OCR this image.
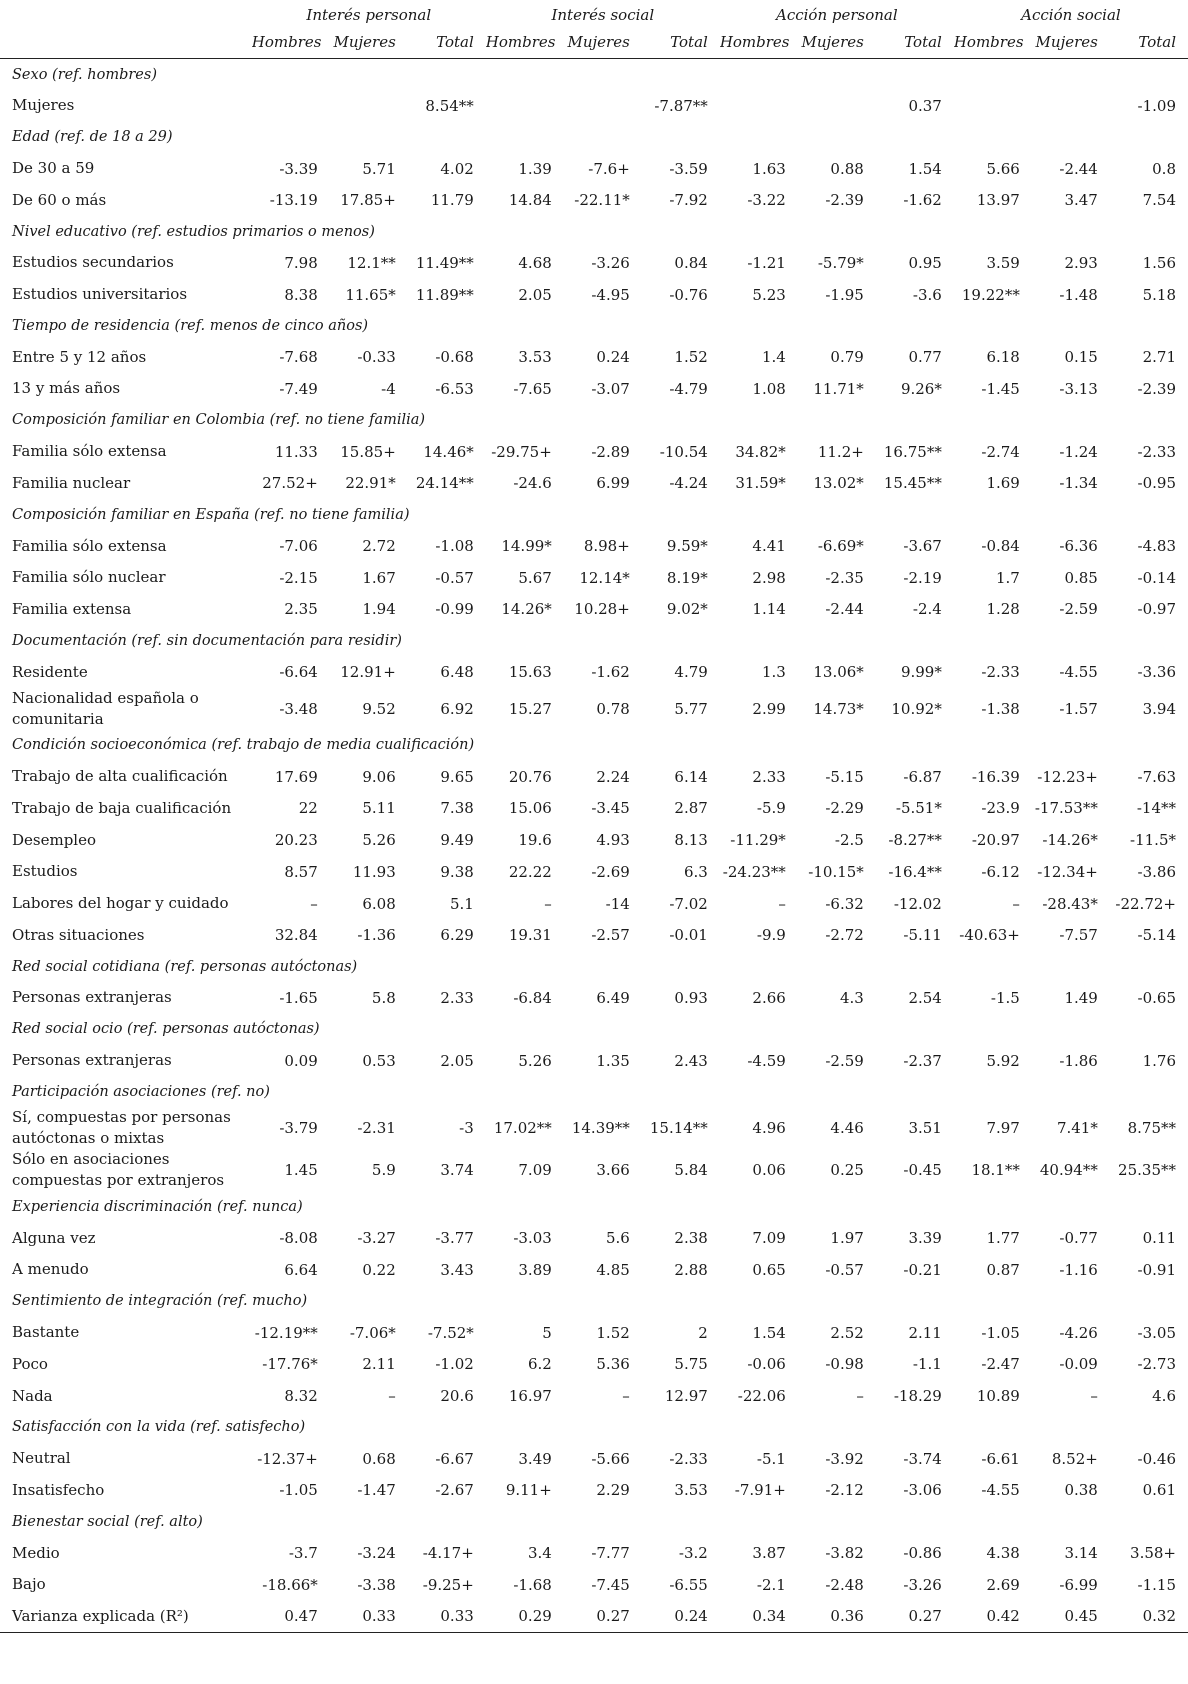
	Interés personal			Interés social			Acción personal			Acción social		
	Hombres	Mujeres	Total	Hombres	Mujeres	Total	Hombres	Mujeres	Total	Hombres	Mujeres	Total
Sexo (ref. hombres)												
Mujeres			8.54**			-7.87**			0.37			-1.09
Edad (ref. de 18 a 29)												
De 30 a 59	-3.39	5.71	4.02	1.39	-7.6+	-3.59	1.63	0.88	1.54	5.66	-2.44	0.8
De 60 o más	-13.19	17.85+	11.79	14.84	-22.11*	-7.92	-3.22	-2.39	-1.62	13.97	3.47	7.54
Nivel educativo (ref. estudios primarios o menos)												
Estudios secundarios	7.98	12.1**	11.49**	4.68	-3.26	0.84	-1.21	-5.79*	0.95	3.59	2.93	1.56
Estudios universitarios	8.38	11.65*	11.89**	2.05	-4.95	-0.76	5.23	-1.95	-3.6	19.22**	-1.48	5.18
Tiempo de residencia (ref. menos de cinco años)												
Entre 5 y 12 años	-7.68	-0.33	-0.68	3.53	0.24	1.52	1.4	0.79	0.77	6.18	0.15	2.71
13 y más años	-7.49	-4	-6.53	-7.65	-3.07	-4.79	1.08	11.71*	9.26*	-1.45	-3.13	-2.39
Composición familiar en Colombia (ref. no tiene familia)												
Familia sólo extensa	11.33	15.85+	14.46*	-29.75+	-2.89	-10.54	34.82*	11.2+	16.75**	-2.74	-1.24	-2.33
Familia nuclear	27.52+	22.91*	24.14**	-24.6	6.99	-4.24	31.59*	13.02*	15.45**	1.69	-1.34	-0.95
Composición familiar en España (ref. no tiene familia)												
Familia sólo extensa	-7.06	2.72	-1.08	14.99*	8.98+	9.59*	4.41	-6.69*	-3.67	-0.84	-6.36	-4.83
Familia sólo nuclear	-2.15	1.67	-0.57	5.67	12.14*	8.19*	2.98	-2.35	-2.19	1.7	0.85	-0.14
Familia extensa	2.35	1.94	-0.99	14.26*	10.28+	9.02*	1.14	-2.44	-2.4	1.28	-2.59	-0.97
Documentación (ref. sin documentación para residir)												
Residente	-6.64	12.91+	6.48	15.63	-1.62	4.79	1.3	13.06*	9.99*	-2.33	-4.55	-3.36
Nacionalidad española o comunitaria	-3.48	9.52	6.92	15.27	0.78	5.77	2.99	14.73*	10.92*	-1.38	-1.57	3.94
Condición socioeconómica (ref. trabajo de media cualificación)												
Trabajo de alta cualificación	17.69	9.06	9.65	20.76	2.24	6.14	2.33	-5.15	-6.87	-16.39	-12.23+	-7.63
Trabajo de baja cualificación	22	5.11	7.38	15.06	-3.45	2.87	-5.9	-2.29	-5.51*	-23.9	-17.53**	-14**
Desempleo	20.23	5.26	9.49	19.6	4.93	8.13	-11.29*	-2.5	-8.27**	-20.97	-14.26*	-11.5*
Estudios	8.57	11.93	9.38	22.22	-2.69	6.3	-24.23**	-10.15*	-16.4**	-6.12	-12.34+	-3.86
Labores del hogar y cuidado	–	6.08	5.1	–	-14	-7.02	–	-6.32	-12.02	–	-28.43*	-22.72+
Otras situaciones	32.84	-1.36	6.29	19.31	-2.57	-0.01	-9.9	-2.72	-5.11	-40.63+	-7.57	-5.14
Red social cotidiana (ref. personas autóctonas)												
Personas extranjeras	-1.65	5.8	2.33	-6.84	6.49	0.93	2.66	4.3	2.54	-1.5	1.49	-0.65
Red social ocio (ref. personas autóctonas)												
Personas extranjeras	0.09	0.53	2.05	5.26	1.35	2.43	-4.59	-2.59	-2.37	5.92	-1.86	1.76
Participación asociaciones (ref. no)												
Sí, compuestas por personas autóctonas o mixtas	-3.79	-2.31	-3	17.02**	14.39**	15.14**	4.96	4.46	3.51	7.97	7.41*	8.75**
Sólo en asociaciones compuestas por extranjeros	1.45	5.9	3.74	7.09	3.66	5.84	0.06	0.25	-0.45	18.1**	40.94**	25.35**
Experiencia discriminación (ref. nunca)												
Alguna vez	-8.08	-3.27	-3.77	-3.03	5.6	2.38	7.09	1.97	3.39	1.77	-0.77	0.11
A menudo	6.64	0.22	3.43	3.89	4.85	2.88	0.65	-0.57	-0.21	0.87	-1.16	-0.91
Sentimiento de integración (ref. mucho)												
Bastante	-12.19**	-7.06*	-7.52*	5	1.52	2	1.54	2.52	2.11	-1.05	-4.26	-3.05
Poco	-17.76*	2.11	-1.02	6.2	5.36	5.75	-0.06	-0.98	-1.1	-2.47	-0.09	-2.73
Nada	8.32	–	20.6	16.97	–	12.97	-22.06	–	-18.29	10.89	–	4.6
Satisfacción con la vida (ref. satisfecho)												
Neutral	-12.37+	0.68	-6.67	3.49	-5.66	-2.33	-5.1	-3.92	-3.74	-6.61	8.52+	-0.46
Insatisfecho	-1.05	-1.47	-2.67	9.11+	2.29	3.53	-7.91+	-2.12	-3.06	-4.55	0.38	0.61
Bienestar social (ref. alto)												
Medio	-3.7	-3.24	-4.17+	3.4	-7.77	-3.2	3.87	-3.82	-0.86	4.38	3.14	3.58+
Bajo	-18.66*	-3.38	-9.25+	-1.68	-7.45	-6.55	-2.1	-2.48	-3.26	2.69	-6.99	-1.15
Varianza explicada (R²)	0.47	0.33	0.33	0.29	0.27	0.24	0.34	0.36	0.27	0.42	0.45	0.32
